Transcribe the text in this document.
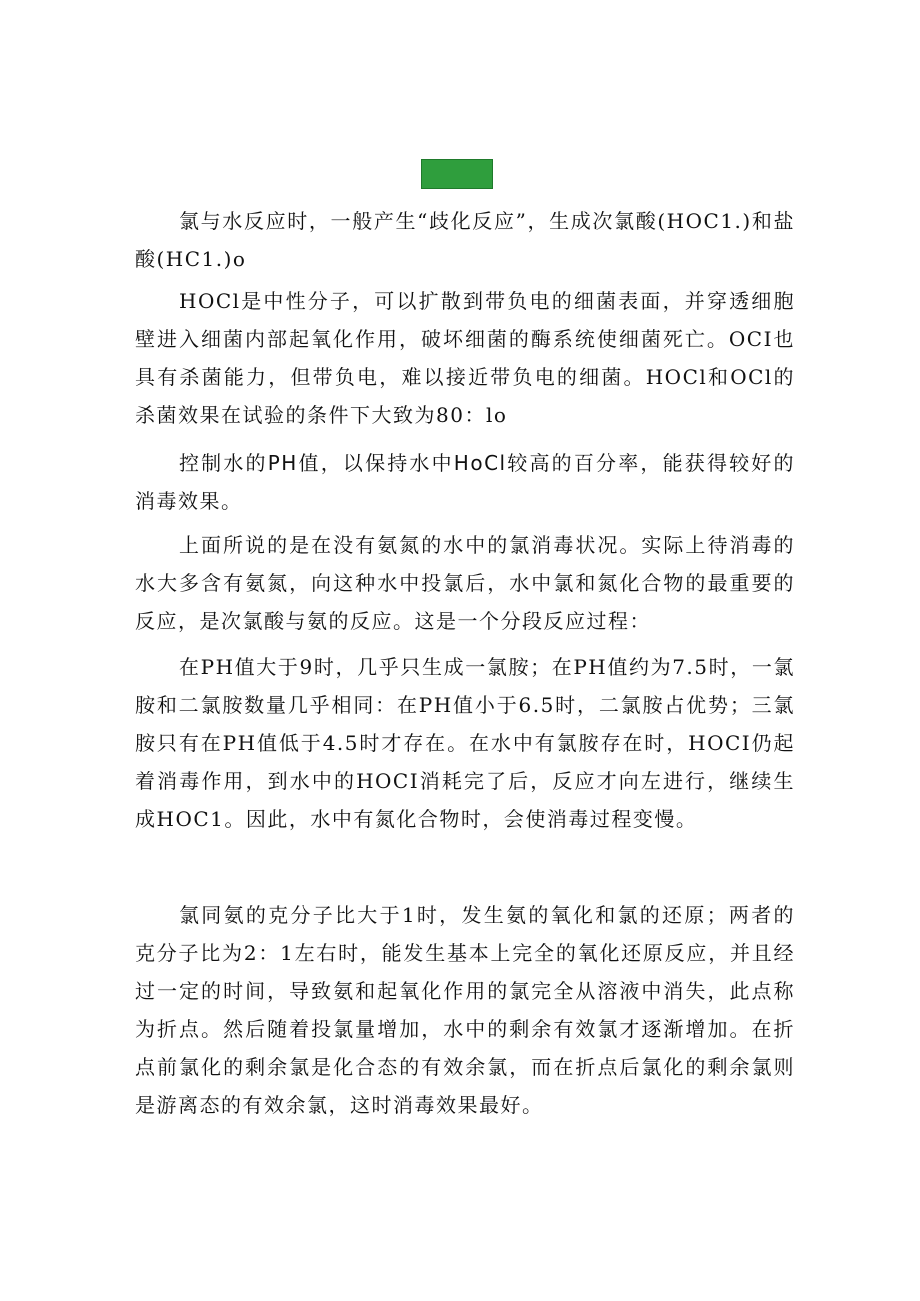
氯与水反应时，一般产生“歧化反应”，生成次氯酸(HOC1.)和盐酸(HC1.)o

HOCl是中性分子，可以扩散到带负电的细菌表面，并穿透细胞壁进入细菌内部起氧化作用，破坏细菌的酶系统使细菌死亡。OCI也具有杀菌能力，但带负电，难以接近带负电的细菌。HOCl和OCl的杀菌效果在试验的条件下大致为80：lo

控制水的PH值，以保持水中HoCl较高的百分率，能获得较好的消毒效果。

上面所说的是在没有氨氮的水中的氯消毒状况。实际上待消毒的水大多含有氨氮，向这种水中投氯后，水中氯和氮化合物的最重要的反应，是次氯酸与氨的反应。这是一个分段反应过程：

在PH值大于9时，几乎只生成一氯胺；在PH值约为7.5时，一氯胺和二氯胺数量几乎相同：在PH值小于6.5时，二氯胺占优势；三氯胺只有在PH值低于4.5时才存在。在水中有氯胺存在时，HOCI仍起着消毒作用，到水中的HOCI消耗完了后，反应才向左进行，继续生成HOC1。因此，水中有氮化合物时，会使消毒过程变慢。

氯同氨的克分子比大于1时，发生氨的氧化和氯的还原；两者的克分子比为2：1左右时，能发生基本上完全的氧化还原反应，并且经过一定的时间，导致氨和起氧化作用的氯完全从溶液中消失，此点称为折点。然后随着投氯量增加，水中的剩余有效氯才逐渐增加。在折点前氯化的剩余氯是化合态的有效余氯，而在折点后氯化的剩余氯则是游离态的有效余氯，这时消毒效果最好。
